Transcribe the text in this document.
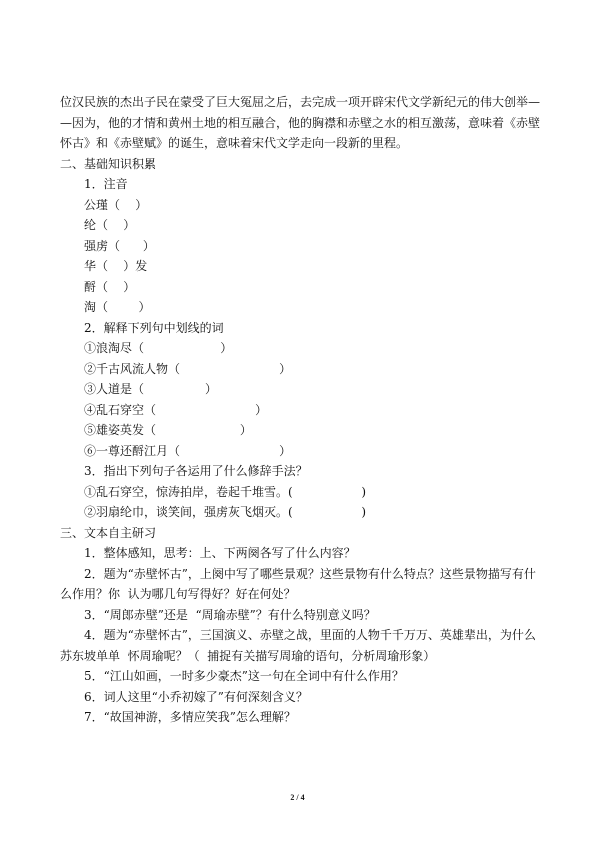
位汉民族的杰出子民在蒙受了巨大冤屈之后，去完成一项开辟宋代文学新纪元的伟大创举—

—因为，他的才情和黄州土地的相互融合，他的胸襟和赤壁之水的相互激荡，意味着《赤壁

怀古》和《赤壁赋》的诞生，意味着宋代文学走向一段新的里程。

二、基础知识积累

1．注音

公瑾（    ）

纶（    ）

强虏（      ）

华（    ）发

酹（    ）

淘（        ）

2．解释下列句中划线的词

①浪淘尽（                    ）

②千古风流人物（                          ）

③人道是（                ）

④乱石穿空（                          ）

⑤雄姿英发（                      ）

⑥一尊还酹江月（                          ）

3．指出下列句子各运用了什么修辞手法？

①乱石穿空，惊涛拍岸，卷起千堆雪。(                  )

②羽扇纶巾，谈笑间，强虏灰飞烟灭。(                  )

三、文本自主研习

1．整体感知，思考：上、下两阕各写了什么内容？

2．题为“赤壁怀古”，上阕中写了哪些景观？这些景物有什么特点？这些景物描写有什

么作用？你  认为哪几句写得好？好在何处？

3．“周郎赤壁”还是  “周瑜赤壁”？有什么特别意义吗？

4．题为“赤壁怀古”，三国演义、赤壁之战，里面的人物千千万万、英雄辈出，为什么

苏东坡单单  怀周瑜呢？（  捕捉有关描写周瑜的语句，分析周瑜形象）

5．“江山如画，一时多少豪杰”这一句在全词中有什么作用？

6．词人这里“小乔初嫁了”有何深刻含义？

7．“故国神游，多情应笑我”怎么理解？

2 / 4
